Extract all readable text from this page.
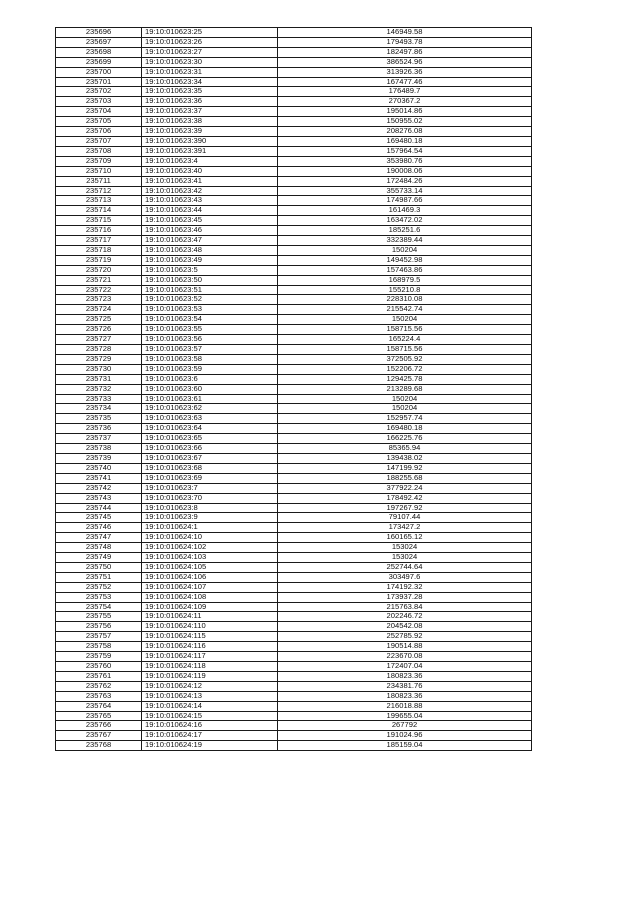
235696	19:10:010623:25	146949.58
235697	19:10:010623:26	179493.78
235698	19:10:010623:27	182497.86
235699	19:10:010623:30	386524.96
235700	19:10:010623:31	313926.36
235701	19:10:010623:34	167477.46
235702	19:10:010623:35	176489.7
235703	19:10:010623:36	270367.2
235704	19:10:010623:37	195014.86
235705	19:10:010623:38	150955.02
235706	19:10:010623:39	208276.08
235707	19:10:010623:390	169480.18
235708	19:10:010623:391	157964.54
235709	19:10:010623:4	353980.76
235710	19:10:010623:40	190008.06
235711	19:10:010623:41	172484.26
235712	19:10:010623:42	355733.14
235713	19:10:010623:43	174987.66
235714	19:10:010623:44	161469.3
235715	19:10:010623:45	163472.02
235716	19:10:010623:46	185251.6
235717	19:10:010623:47	332389.44
235718	19:10:010623:48	150204
235719	19:10:010623:49	149452.98
235720	19:10:010623:5	157463.86
235721	19:10:010623:50	168979.5
235722	19:10:010623:51	155210.8
235723	19:10:010623:52	228310.08
235724	19:10:010623:53	215542.74
235725	19:10:010623:54	150204
235726	19:10:010623:55	158715.56
235727	19:10:010623:56	165224.4
235728	19:10:010623:57	158715.56
235729	19:10:010623:58	372505.92
235730	19:10:010623:59	152206.72
235731	19:10:010623:6	129425.78
235732	19:10:010623:60	213289.68
235733	19:10:010623:61	150204
235734	19:10:010623:62	150204
235735	19:10:010623:63	152957.74
235736	19:10:010623:64	169480.18
235737	19:10:010623:65	166225.76
235738	19:10:010623:66	85365.94
235739	19:10:010623:67	139438.02
235740	19:10:010623:68	147199.92
235741	19:10:010623:69	188255.68
235742	19:10:010623:7	377922.24
235743	19:10:010623:70	178492.42
235744	19:10:010623:8	197267.92
235745	19:10:010623:9	79107.44
235746	19:10:010624:1	173427.2
235747	19:10:010624:10	160165.12
235748	19:10:010624:102	153024
235749	19:10:010624:103	153024
235750	19:10:010624:105	252744.64
235751	19:10:010624:106	303497.6
235752	19:10:010624:107	174192.32
235753	19:10:010624:108	173937.28
235754	19:10:010624:109	215763.84
235755	19:10:010624:11	202246.72
235756	19:10:010624:110	204542.08
235757	19:10:010624:115	252785.92
235758	19:10:010624:116	190514.88
235759	19:10:010624:117	223670.08
235760	19:10:010624:118	172407.04
235761	19:10:010624:119	180823.36
235762	19:10:010624:12	234381.76
235763	19:10:010624:13	180823.36
235764	19:10:010624:14	216018.88
235765	19:10:010624:15	199655.04
235766	19:10:010624:16	267792
235767	19:10:010624:17	191024.96
235768	19:10:010624:19	185159.04
